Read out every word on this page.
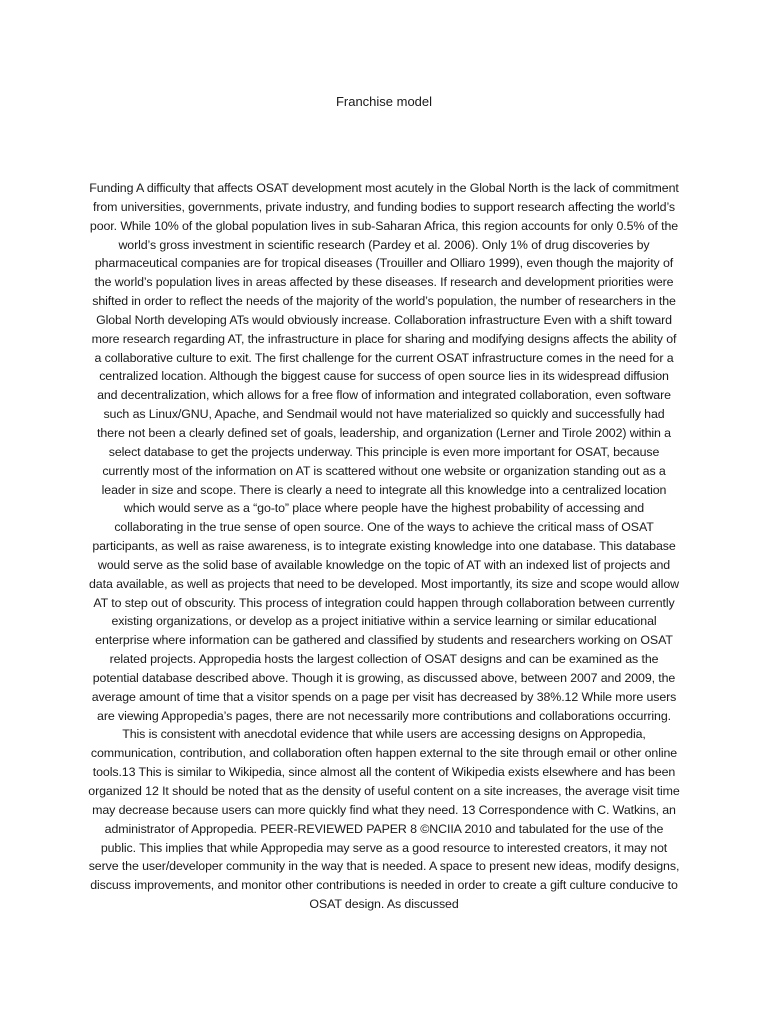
Franchise model
Funding A difficulty that affects OSAT development most acutely in the Global North is the lack of commitment from universities, governments, private industry, and funding bodies to support research affecting the world’s poor. While 10% of the global population lives in sub-Saharan Africa, this region accounts for only 0.5% of the world’s gross investment in scientific research (Pardey et al. 2006). Only 1% of drug discoveries by pharmaceutical companies are for tropical diseases (Trouiller and Olliaro 1999), even though the majority of the world’s population lives in areas affected by these diseases. If research and development priorities were shifted in order to reflect the needs of the majority of the world’s population, the number of researchers in the Global North developing ATs would obviously increase. Collaboration infrastructure Even with a shift toward more research regarding AT, the infrastructure in place for sharing and modifying designs affects the ability of a collaborative culture to exit. The first challenge for the current OSAT infrastructure comes in the need for a centralized location. Although the biggest cause for success of open source lies in its widespread diffusion and decentralization, which allows for a free flow of information and integrated collaboration, even software such as Linux/GNU, Apache, and Sendmail would not have materialized so quickly and successfully had there not been a clearly defined set of goals, leadership, and organization (Lerner and Tirole 2002) within a select database to get the projects underway. This principle is even more important for OSAT, because currently most of the information on AT is scattered without one website or organization standing out as a leader in size and scope. There is clearly a need to integrate all this knowledge into a centralized location which would serve as a “go-to” place where people have the highest probability of accessing and collaborating in the true sense of open source. One of the ways to achieve the critical mass of OSAT participants, as well as raise awareness, is to integrate existing knowledge into one database. This database would serve as the solid base of available knowledge on the topic of AT with an indexed list of projects and data available, as well as projects that need to be developed. Most importantly, its size and scope would allow AT to step out of obscurity. This process of integration could happen through collaboration between currently existing organizations, or develop as a project initiative within a service learning or similar educational enterprise where information can be gathered and classified by students and researchers working on OSAT related projects. Appropedia hosts the largest collection of OSAT designs and can be examined as the potential database described above. Though it is growing, as discussed above, between 2007 and 2009, the average amount of time that a visitor spends on a page per visit has decreased by 38%.12 While more users are viewing Appropedia’s pages, there are not necessarily more contributions and collaborations occurring. This is consistent with anecdotal evidence that while users are accessing designs on Appropedia, communication, contribution, and collaboration often happen external to the site through email or other online tools.13 This is similar to Wikipedia, since almost all the content of Wikipedia exists elsewhere and has been organized 12 It should be noted that as the density of useful content on a site increases, the average visit time may decrease because users can more quickly find what they need. 13 Correspondence with C. Watkins, an administrator of Appropedia. PEER-REVIEWED PAPER 8 ©NCIIA 2010 and tabulated for the use of the public. This implies that while Appropedia may serve as a good resource to interested creators, it may not serve the user/developer community in the way that is needed. A space to present new ideas, modify designs, discuss improvements, and monitor other contributions is needed in order to create a gift culture conducive to OSAT design. As discussed
